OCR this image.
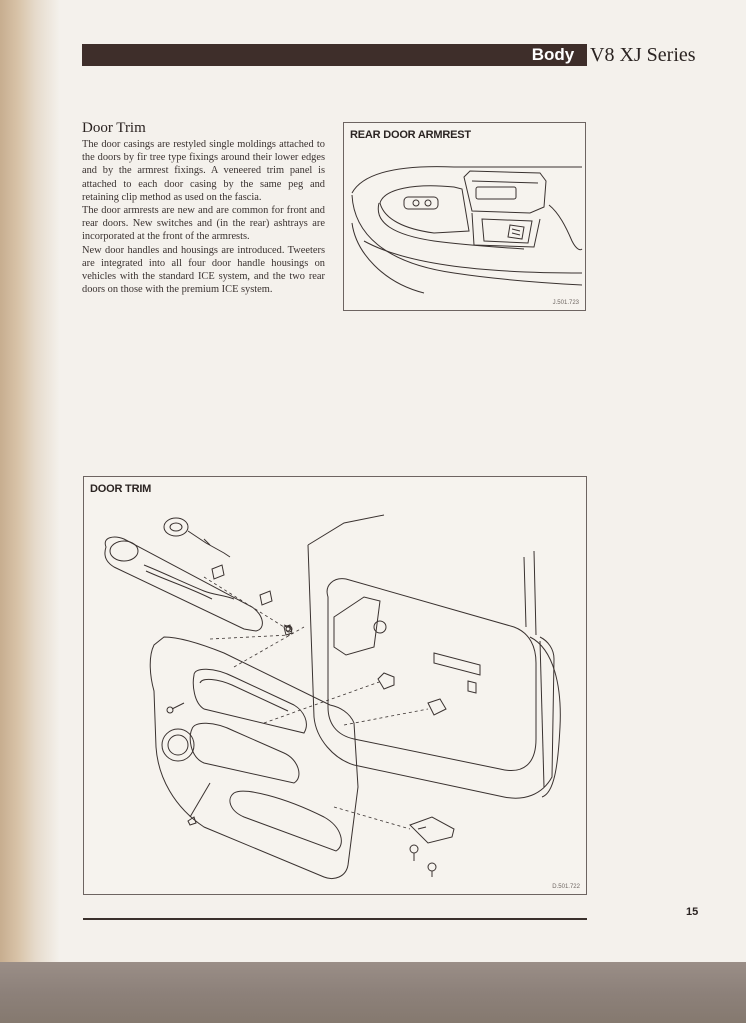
Body V8 XJ Series
Door Trim

The door casings are restyled single moldings attached to the doors by fir tree type fixings around their lower edges and by the armrest fixings. A veneered trim panel is attached to each door casing by the same peg and retaining clip method as used on the fascia.

The door armrests are new and are common for front and rear doors. New switches and (in the rear) ashtrays are incorporated at the front of the armrests.

New door handles and housings are introduced. Tweeters are integrated into all four door handle housings on vehicles with the standard ICE system, and the two rear doors on those with the premium ICE system.

REAR DOOR ARMREST
J.501.723
DOOR TRIM
D.501.722
15
